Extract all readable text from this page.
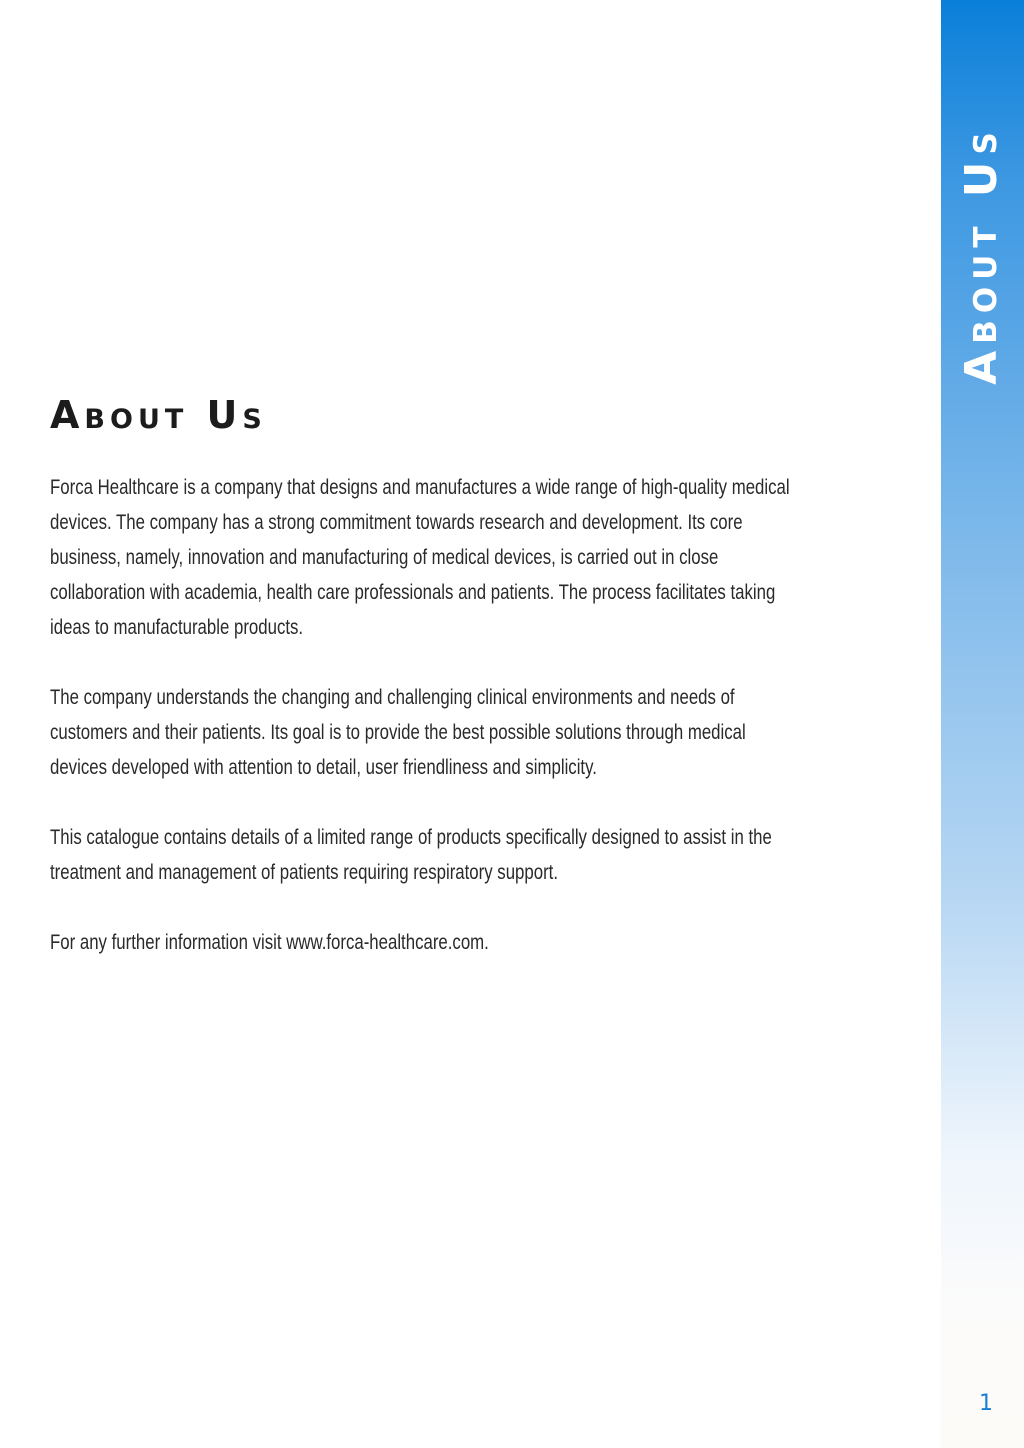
About Us
1
About Us

Forca Healthcare is a company that designs and manufactures a wide range of high-quality medical
devices. The company has a strong commitment towards research and development. Its core
business, namely, innovation and manufacturing of medical devices, is carried out in close
collaboration with academia, health care professionals and patients. The process facilitates taking
ideas to manufacturable products.

The company understands the changing and challenging clinical environments and needs of
customers and their patients. Its goal is to provide the best possible solutions through medical
devices developed with attention to detail, user friendliness and simplicity.

This catalogue contains details of a limited range of products specifically designed to assist in the
treatment and management of patients requiring respiratory support.

For any further information visit www.forca-healthcare.com.
